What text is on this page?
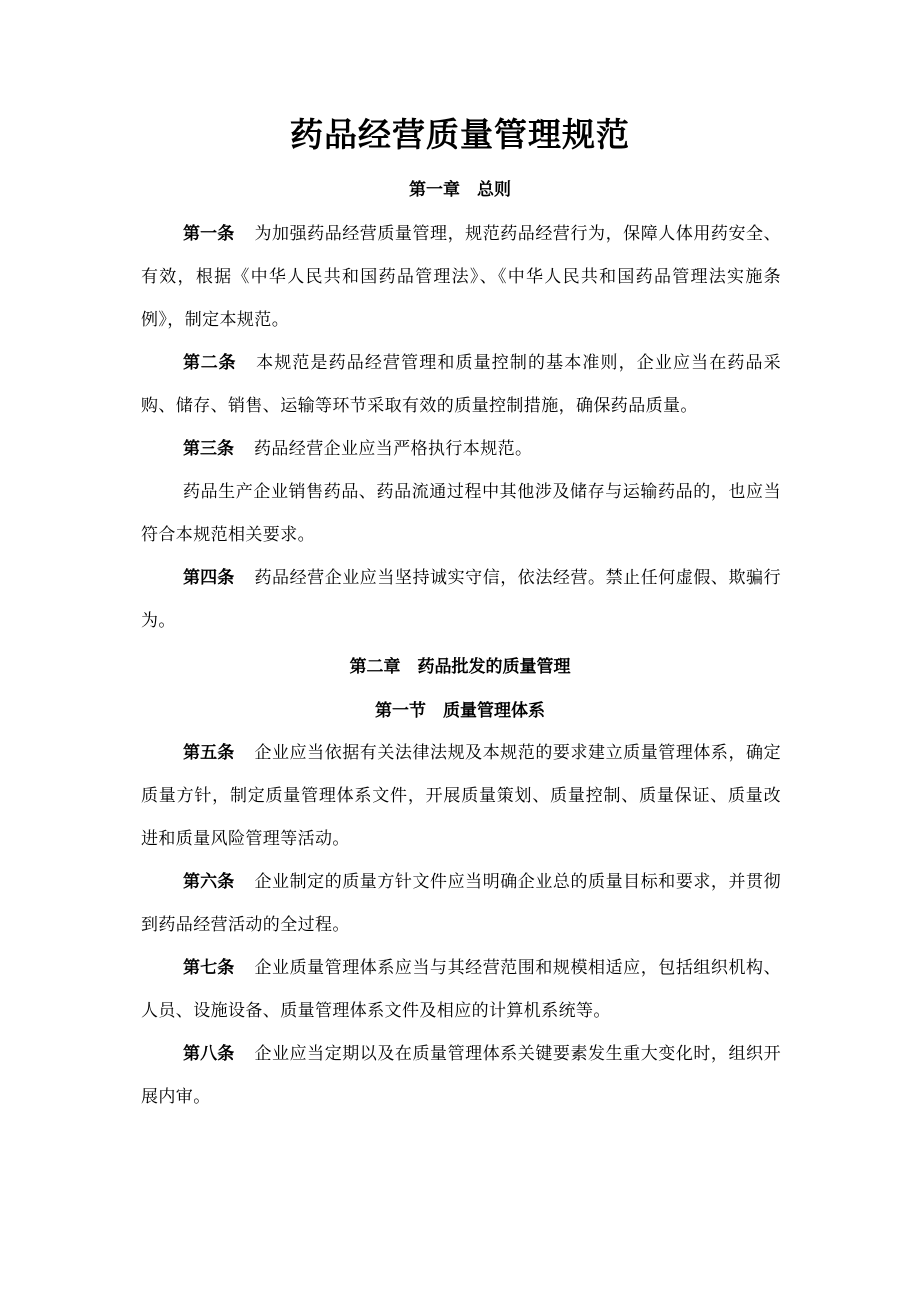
药品经营质量管理规范
第一章　总则

第一条 为加强药品经营质量管理，规范药品经营行为，保障人体用药安全、有效，根据《中华人民共和国药品管理法》、《中华人民共和国药品管理法实施条例》，制定本规范。

第二条 本规范是药品经营管理和质量控制的基本准则，企业应当在药品采购、储存、销售、运输等环节采取有效的质量控制措施，确保药品质量。

第三条 药品经营企业应当严格执行本规范。

药品生产企业销售药品、药品流通过程中其他涉及储存与运输药品的，也应当符合本规范相关要求。

第四条 药品经营企业应当坚持诚实守信，依法经营。禁止任何虚假、欺骗行为。

第二章　药品批发的质量管理
第一节　质量管理体系

第五条 企业应当依据有关法律法规及本规范的要求建立质量管理体系，确定质量方针，制定质量管理体系文件，开展质量策划、质量控制、质量保证、质量改进和质量风险管理等活动。

第六条 企业制定的质量方针文件应当明确企业总的质量目标和要求，并贯彻到药品经营活动的全过程。

第七条 企业质量管理体系应当与其经营范围和规模相适应，包括组织机构、人员、设施设备、质量管理体系文件及相应的计算机系统等。

第八条 企业应当定期以及在质量管理体系关键要素发生重大变化时，组织开展内审。
